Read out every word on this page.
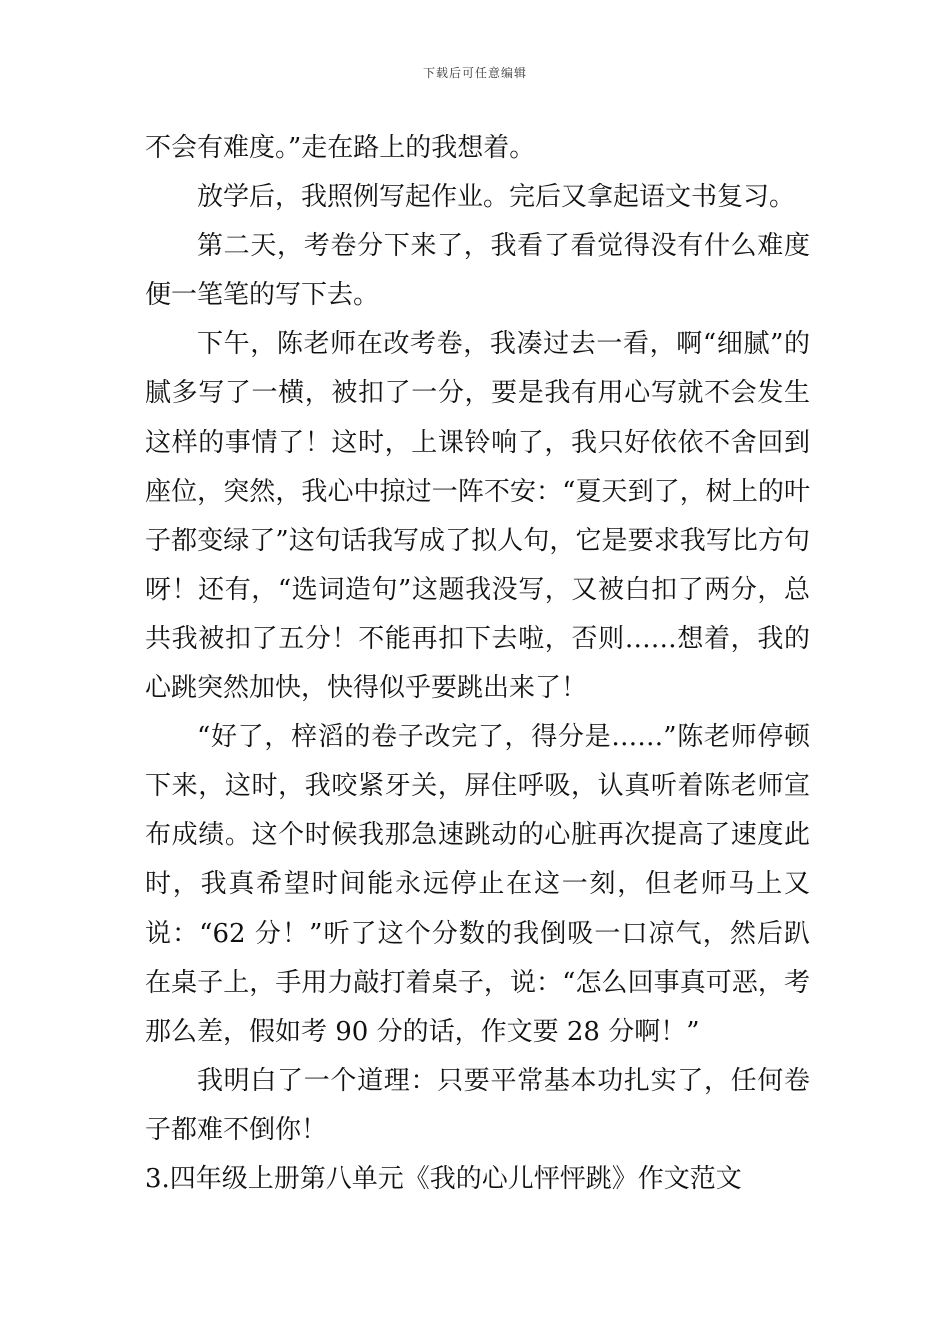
下载后可任意编辑

不会有难度。”走在路上的我想着。

放学后，我照例写起作业。完后又拿起语文书复习。

第二天，考卷分下来了，我看了看觉得没有什么难度便一笔笔的写下去。

下午，陈老师在改考卷，我凑过去一看，啊“细腻”的腻多写了一横，被扣了一分，要是我有用心写就不会发生这样的事情了！这时，上课铃响了，我只好依依不舍回到座位，突然，我心中掠过一阵不安：“夏天到了，树上的叶子都变绿了”这句话我写成了拟人句，它是要求我写比方句呀！还有，“选词造句”这题我没写，又被白扣了两分，总共我被扣了五分！不能再扣下去啦，否则……想着，我的心跳突然加快，快得似乎要跳出来了！

“好了，梓滔的卷子改完了，得分是……”陈老师停顿下来，这时，我咬紧牙关，屏住呼吸，认真听着陈老师宣布成绩。这个时候我那急速跳动的心脏再次提高了速度此时，我真希望时间能永远停止在这一刻，但老师马上又说：“62 分！”听了这个分数的我倒吸一口凉气，然后趴在桌子上，手用力敲打着桌子，说：“怎么回事真可恶，考那么差，假如考 90 分的话，作文要 28 分啊！”

我明白了一个道理：只要平常基本功扎实了，任何卷子都难不倒你！

3.四年级上册第八单元《我的心儿怦怦跳》作文范文
